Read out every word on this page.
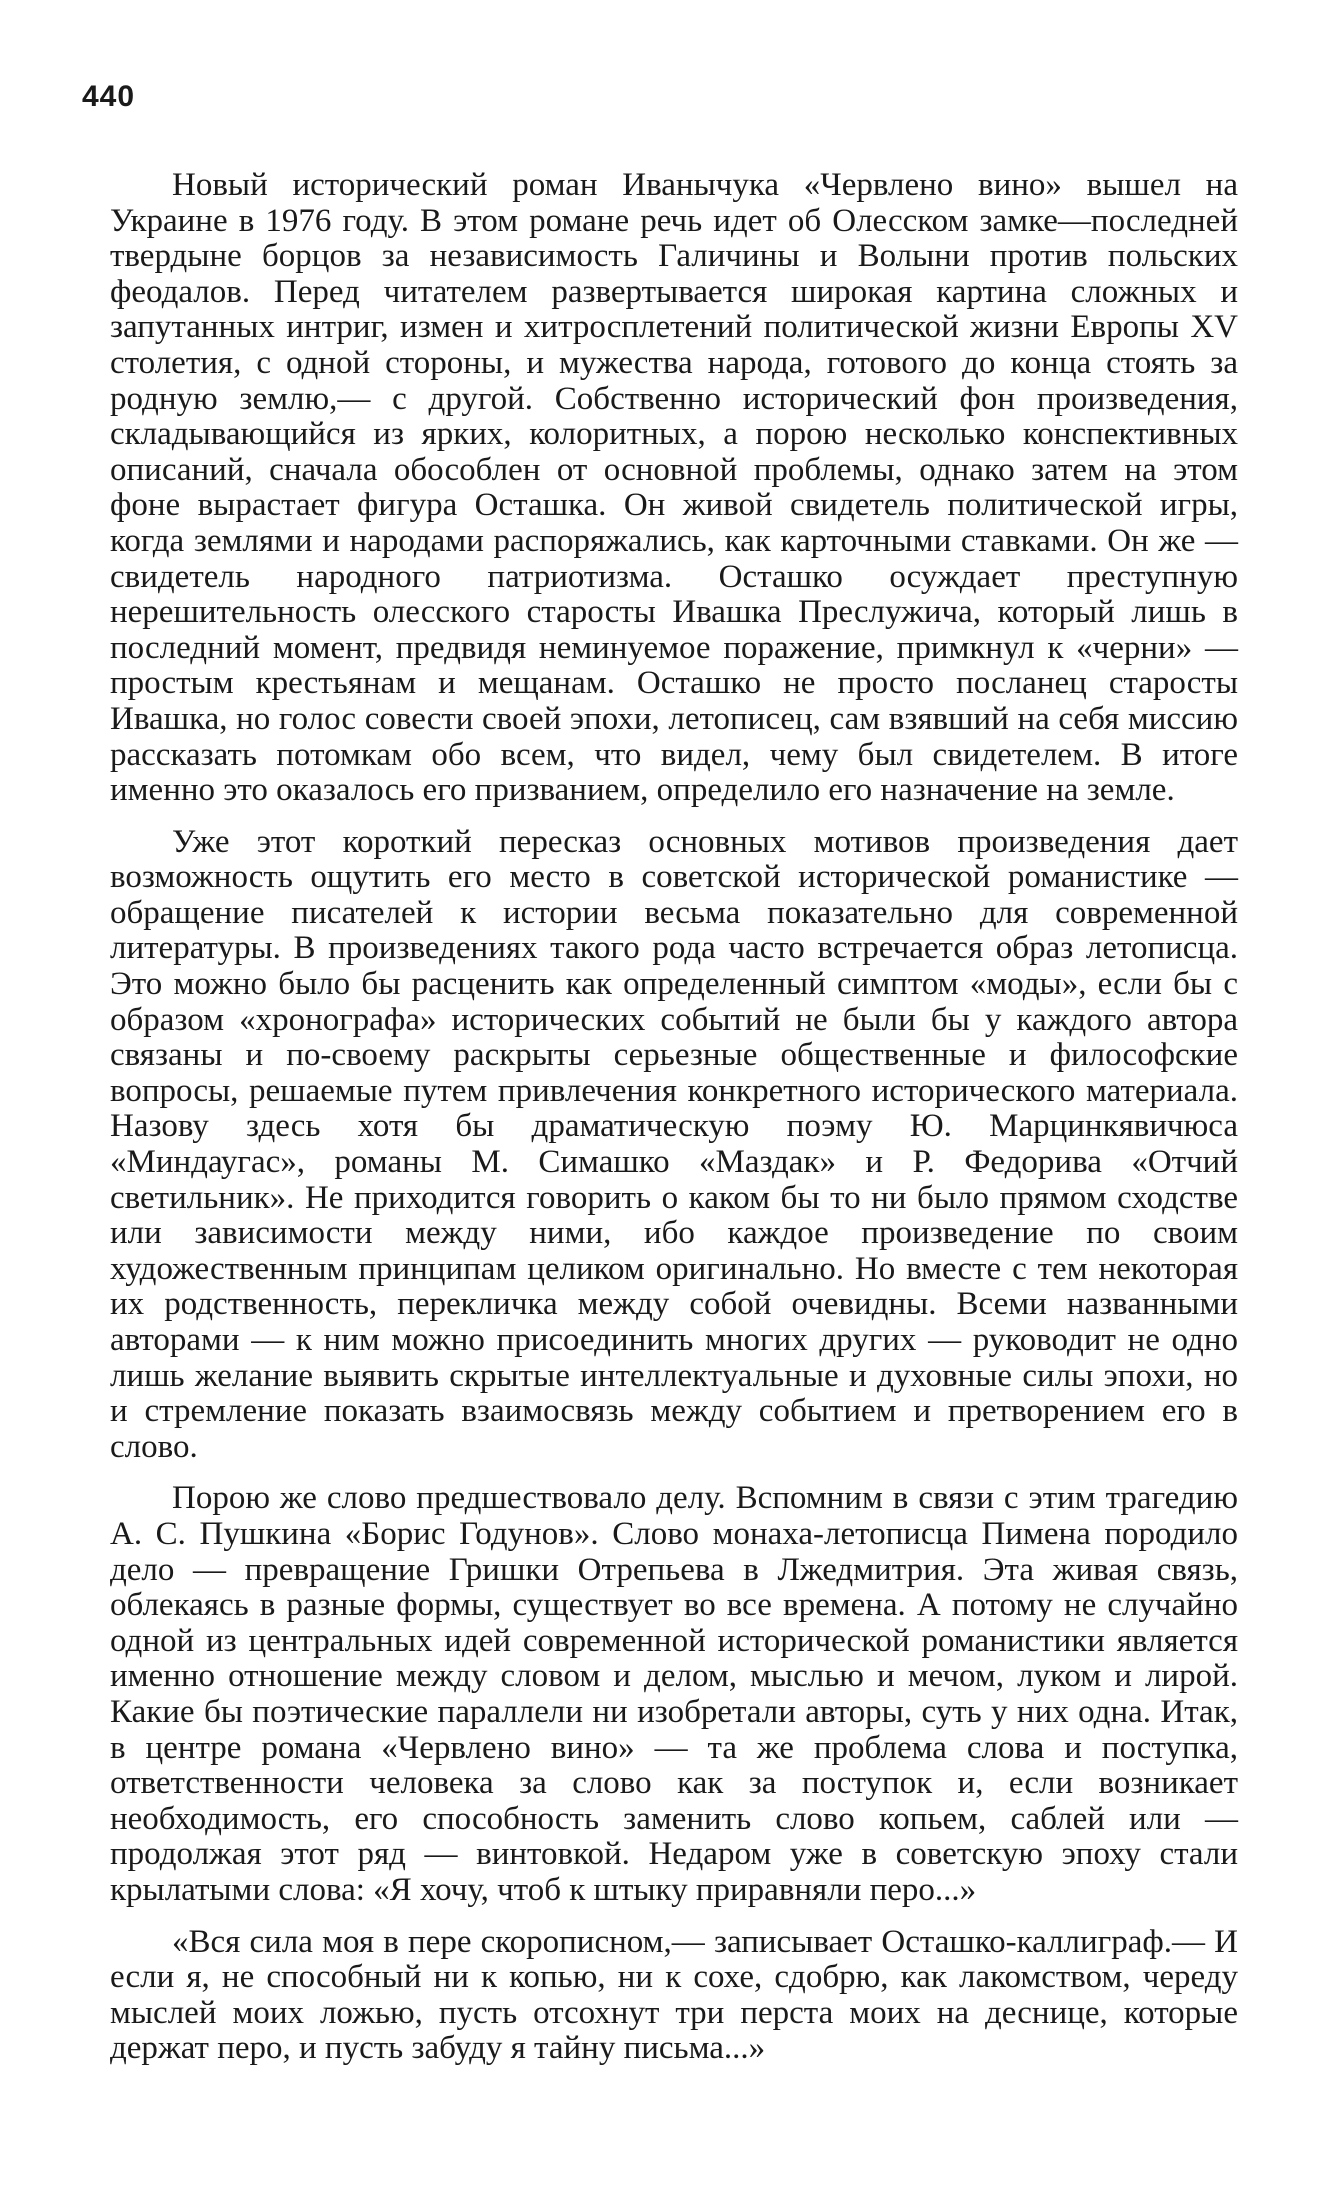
440

Новый исторический роман Иванычука «Червлено вино» вышел на Украине в 1976 году. В этом романе речь идет об Олесском замке—последней твердыне борцов за независимость Галичины и Волыни против польских феодалов. Перед читателем развертывается широкая картина сложных и запутанных интриг, измен и хитросплетений политической жизни Европы XV столетия, с одной стороны, и мужества народа, готового до конца стоять за родную землю,— с другой. Собственно исторический фон произведения, складывающийся из ярких, колоритных, а порою несколько конспективных описаний, сначала обособлен от основной проблемы, однако затем на этом фоне вырастает фигура Осташка. Он живой свидетель политической игры, когда землями и народами распоряжались, как карточными ставками. Он же — свидетель народного патриотизма. Осташко осуждает преступную нерешительность олесского старосты Ивашка Преслужича, который лишь в последний момент, предвидя неминуемое поражение, примкнул к «черни» — простым крестьянам и мещанам. Осташко не просто посланец старосты Ивашка, но голос совести своей эпохи, летописец, сам взявший на себя миссию рассказать потомкам обо всем, что видел, чему был свидетелем. В итоге именно это оказалось его призванием, определило его назначение на земле.

Уже этот короткий пересказ основных мотивов произведения дает возможность ощутить его место в советской исторической романистике — обращение писателей к истории весьма показательно для современной литературы. В произведениях такого рода часто встречается образ летописца. Это можно было бы расценить как определенный симптом «моды», если бы с образом «хронографа» исторических событий не были бы у каждого автора связаны и по-своему раскрыты серьезные общественные и философские вопросы, решаемые путем привлечения конкретного исторического материала. Назову здесь хотя бы драматическую поэму Ю. Марцинкявичюса «Миндаугас», романы М. Симашко «Маздак» и Р. Федорива «Отчий светильник». Не приходится говорить о каком бы то ни было прямом сходстве или зависимости между ними, ибо каждое произведение по своим художественным принципам целиком оригинально. Но вместе с тем некоторая их родственность, перекличка между собой очевидны. Всеми названными авторами — к ним можно присоединить многих других — руководит не одно лишь желание выявить скрытые интеллектуальные и духовные силы эпохи, но и стремление показать взаимосвязь между событием и претворением его в слово.

Порою же слово предшествовало делу. Вспомним в связи с этим трагедию А. С. Пушкина «Борис Годунов». Слово монаха-летописца Пимена породило дело — превращение Гришки Отрепьева в Лжедмитрия. Эта живая связь, облекаясь в разные формы, существует во все времена. А потому не случайно одной из центральных идей современной исторической романистики является именно отношение между словом и делом, мыслью и мечом, луком и лирой. Какие бы поэтические параллели ни изобретали авторы, суть у них одна. Итак, в центре романа «Червлено вино» — та же проблема слова и поступка, ответственности человека за слово как за поступок и, если возникает необходимость, его способность заменить слово копьем, саблей или — продолжая этот ряд — винтовкой. Недаром уже в советскую эпоху стали крылатыми слова: «Я хочу, чтоб к штыку приравняли перо...»

«Вся сила моя в пере скорописном,— записывает Осташко-каллиграф.— И если я, не способный ни к копью, ни к сохе, сдобрю, как лакомством, череду мыслей моих ложью, пусть отсохнут три перста моих на деснице, которые держат перо, и пусть забуду я тайну письма...»
